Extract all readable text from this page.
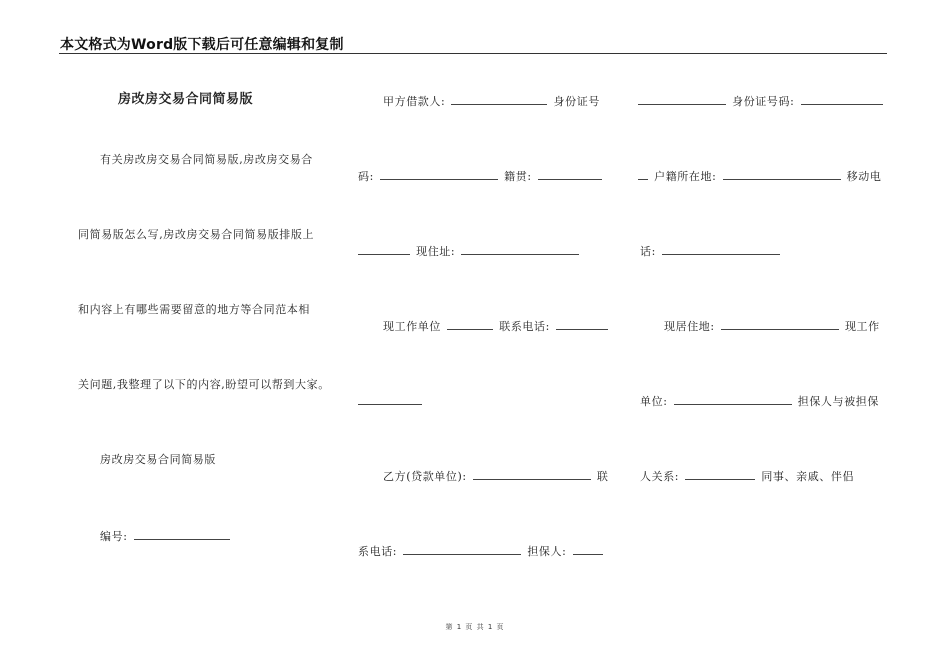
本文格式为Word版下载后可任意编辑和复制
房改房交易合同简易版
有关房改房交易合同简易版,房改房交易合
同简易版怎么写,房改房交易合同简易版排版上
和内容上有哪些需要留意的地方等合同范本相
关问题,我整理了以下的内容,盼望可以帮到大家。
房改房交易合同简易版
编号:
甲方借款人:	身份证号
码:	籍贯:
现住址:
现工作单位	联系电话:
乙方(贷款单位):	联
系电话:	担保人:
身份证号码:
户籍所在地:	移动电
话:
现居住地:	现工作
单位:	担保人与被担保
人关系:	同事、亲戚、伴侣
第 1 页 共 1 页
